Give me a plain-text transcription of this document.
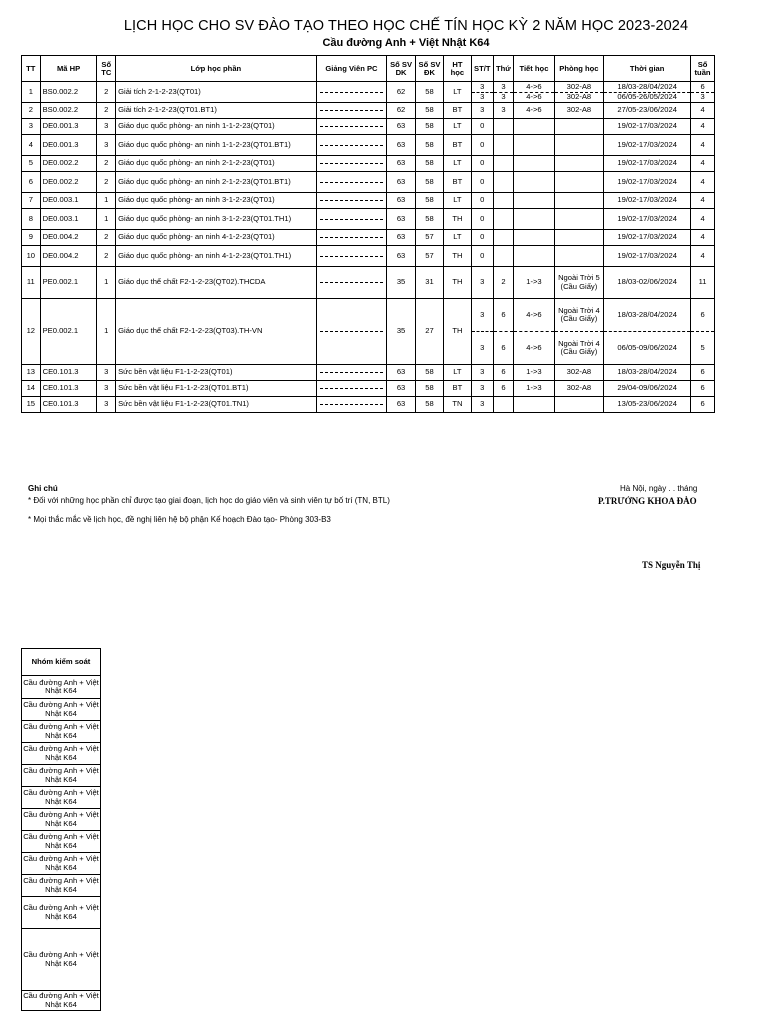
LỊCH HỌC CHO SV ĐÀO TẠO THEO HỌC CHẾ TÍN HỌC KỲ 2 NĂM HỌC 2023-2024
Cầu đường Anh + Việt Nhật K64
TT	Mã HP	Số TC	Lớp học phần	Giảng Viên PC	Số SV DK	Số SV ĐK	HT học	ST/T	Thứ	Tiết học	Phòng học	Thời gian	Số tuần
1	BS0.002.2	2	Giải tích 2-1-2-23(QT01)		62	58	LT	3	3	4->6	302-A8	18/03-28/04/2024	6
								3	3	4->6	302-A8	06/05-26/05/2024	3
2	BS0.002.2	2	Giải tích 2-1-2-23(QT01.BT1)		62	58	BT	3	3	4->6	302-A8	27/05-23/06/2024	4
3	DE0.001.3	3	Giáo dục quốc phòng- an ninh 1-1-2-23(QT01)		63	58	LT	0				19/02-17/03/2024	4
4	DE0.001.3	3	Giáo dục quốc phòng- an ninh 1-1-2-23(QT01.BT1)		63	58	BT	0				19/02-17/03/2024	4
5	DE0.002.2	2	Giáo dục quốc phòng- an ninh 2-1-2-23(QT01)		63	58	LT	0				19/02-17/03/2024	4
6	DE0.002.2	2	Giáo dục quốc phòng- an ninh 2-1-2-23(QT01.BT1)		63	58	BT	0				19/02-17/03/2024	4
7	DE0.003.1	1	Giáo dục quốc phòng- an ninh 3-1-2-23(QT01)		63	58	LT	0				19/02-17/03/2024	4
8	DE0.003.1	1	Giáo dục quốc phòng- an ninh 3-1-2-23(QT01.TH1)		63	58	TH	0				19/02-17/03/2024	4
9	DE0.004.2	2	Giáo dục quốc phòng- an ninh 4-1-2-23(QT01)		63	57	LT	0				19/02-17/03/2024	4
10	DE0.004.2	2	Giáo dục quốc phòng- an ninh 4-1-2-23(QT01.TH1)		63	57	TH	0				19/02-17/03/2024	4
11	PE0.002.1	1	Giáo dục thể chất F2-1-2-23(QT02).THCDA		35	31	TH	3	2	1->3	Ngoài Trời 5 (Cầu Giấy)	18/03-02/06/2024	11
12	PE0.002.1	1	Giáo dục thể chất F2-1-2-23(QT03).TH-VN		35	27	TH	3	6	4->6	Ngoài Trời 4 (Cầu Giấy)	18/03-28/04/2024	6
								3	6	4->6	Ngoài Trời 4 (Cầu Giấy)	06/05-09/06/2024	5
13	CE0.101.3	3	Sức bền vật liệu F1-1-2-23(QT01)		63	58	LT	3	6	1->3	302-A8	18/03-28/04/2024	6
14	CE0.101.3	3	Sức bền vật liệu F1-1-2-23(QT01.BT1)		63	58	BT	3	6	1->3	302-A8	29/04-09/06/2024	6
15	CE0.101.3	3	Sức bền vật liệu F1-1-2-23(QT01.TN1)		63	58	TN	3				13/05-23/06/2024	6
Ghi chú
* Đối với những học phần chỉ được tạo giai đoạn, lịch học do giáo viên và sinh viên tự bố trí (TN, BTL)
* Mọi thắc mắc về lịch học, đề nghị liên hệ bộ phận Kế hoạch Đào tạo- Phòng 303-B3
Hà Nội, ngày . . tháng
P.TRƯỞNG KHOA ĐÀO
TS Nguyễn Thị
Nhóm kiểm soát
Cầu đường Anh + Việt Nhật K64
Cầu đường Anh + Việt Nhật K64
Cầu đường Anh + Việt Nhật K64
Cầu đường Anh + Việt Nhật K64
Cầu đường Anh + Việt Nhật K64
Cầu đường Anh + Việt Nhật K64
Cầu đường Anh + Việt Nhật K64
Cầu đường Anh + Việt Nhật K64
Cầu đường Anh + Việt Nhật K64
Cầu đường Anh + Việt Nhật K64
Cầu đường Anh + Việt Nhật K64
Cầu đường Anh + Việt Nhật K64
Cầu đường Anh + Việt Nhật K64
